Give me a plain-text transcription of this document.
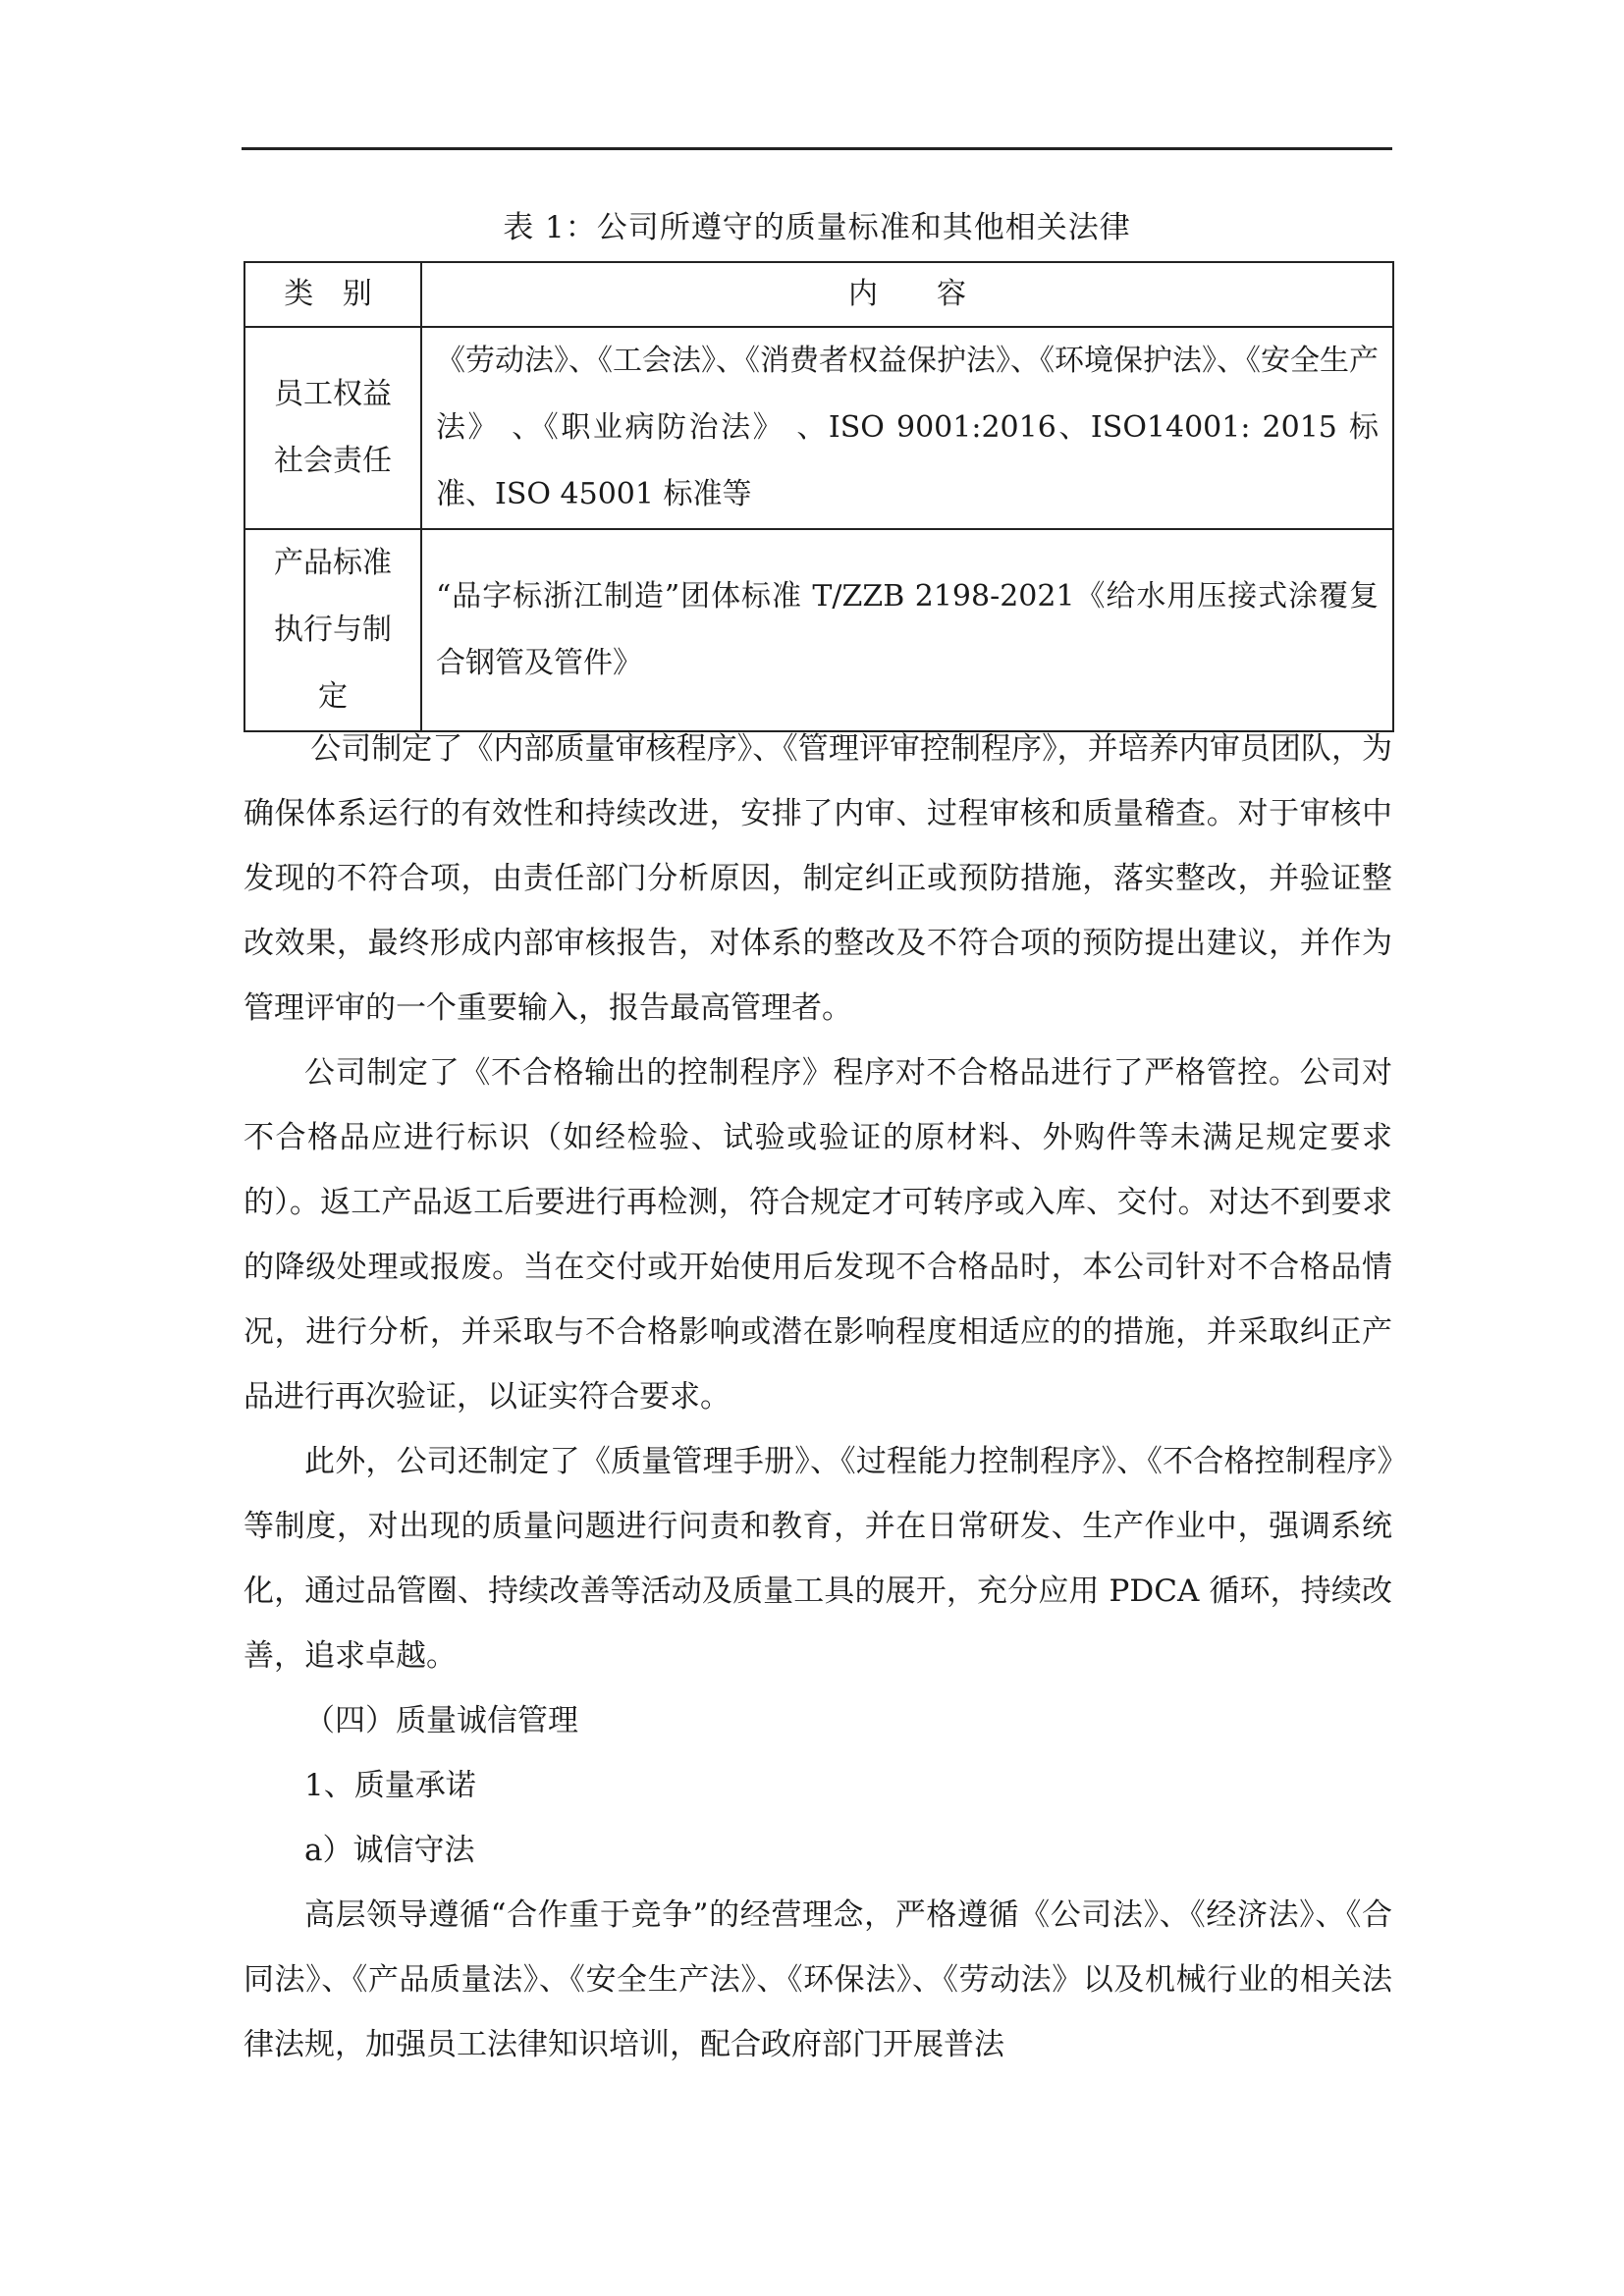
表 1：公司所遵守的质量标准和其他相关法律
类 别	内 容

员工权益
社会责任	《劳动法》、《工会法》、《消费者权益保护法》、《环境保护法》、《安全生产法》 、《职业病防治法》 、ISO 9001:2016、ISO14001: 2015 标准、ISO 45001 标准等

产品标准
执行与制
定	“品字标浙江制造”团体标准 T/ZZB 2198-2021《给水用压接式涂覆复合钢管及管件》

公司制定了《内部质量审核程序》、《管理评审控制程序》，并培养内审员团队，为确保体系运行的有效性和持续改进，安排了内审、过程审核和质量稽查。对于审核中发现的不符合项，由责任部门分析原因，制定纠正或预防措施，落实整改，并验证整改效果，最终形成内部审核报告，对体系的整改及不符合项的预防提出建议，并作为管理评审的一个重要输入，报告最高管理者。

公司制定了《不合格输出的控制程序》程序对不合格品进行了严格管控。公司对不合格品应进行标识（如经检验、试验或验证的原材料、外购件等未满足规定要求的）。返工产品返工后要进行再检测，符合规定才可转序或入库、交付。对达不到要求的降级处理或报废。当在交付或开始使用后发现不合格品时，本公司针对不合格品情况，进行分析，并采取与不合格影响或潜在影响程度相适应的的措施，并采取纠正产品进行再次验证，以证实符合要求。

此外，公司还制定了《质量管理手册》、《过程能力控制程序》、《不合格控制程序》等制度，对出现的质量问题进行问责和教育，并在日常研发、生产作业中，强调系统化，通过品管圈、持续改善等活动及质量工具的展开，充分应用 PDCA 循环，持续改善，追求卓越。

（四）质量诚信管理

1、质量承诺

a）诚信守法

高层领导遵循“合作重于竞争”的经营理念，严格遵循《公司法》、《经济法》、《合同法》、《产品质量法》、《安全生产法》、《环保法》、《劳动法》以及机械行业的相关法律法规，加强员工法律知识培训，配合政府部门开展普法
